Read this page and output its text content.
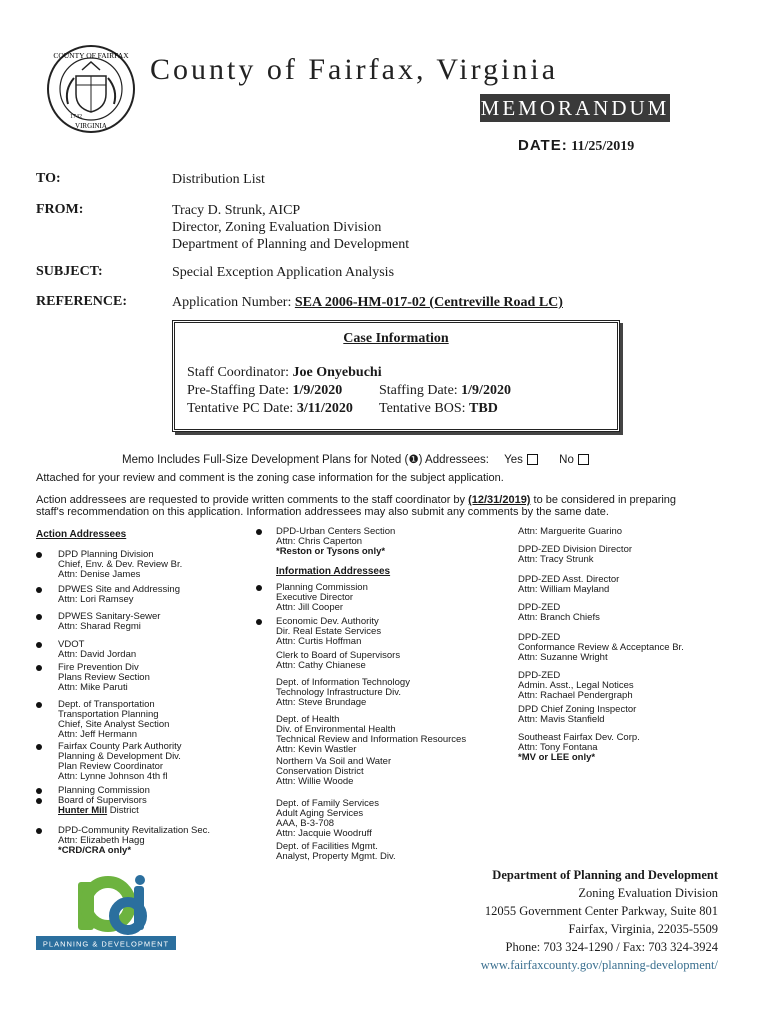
COUNTY OF FAIRFAX
VIRGINIA
1742
County of Fairfax, Virginia
MEMORANDUM
DATE: 11/25/2019
TO:	Distribution List
FROM:	Tracy D. Strunk, AICP
Director, Zoning Evaluation Division
Department of Planning and Development
SUBJECT:	Special Exception Application Analysis
REFERENCE:	Application Number: SEA 2006-HM-017-02 (Centreville Road LC)
Case Information
Staff Coordinator: Joe Onyebuchi
Pre-Staffing Date: 1/9/2020	Staffing Date: 1/9/2020
Tentative PC Date: 3/11/2020 Tentative BOS: TBD
Memo Includes Full-Size Development Plans for Noted (❶) Addressees: Yes	No
Attached for your review and comment is the zoning case information for the subject application.
Action addressees are requested to provide written comments to the staff coordinator by (12/31/2019) to be considered in preparing
staff's recommendation on this application. Information addressees may also submit any comments by the same date.
Action Addressees
DPD Planning Division
Chief, Env. & Dev. Review Br.
Attn: Denise James
DPWES Site and Addressing
Attn: Lori Ramsey
DPWES Sanitary-Sewer
Attn: Sharad Regmi
VDOT
Attn: David Jordan
Fire Prevention Div
Plans Review Section
Attn: Mike Paruti
Dept. of Transportation
Transportation Planning
Chief, Site Analyst Section
Attn: Jeff Hermann
Fairfax County Park Authority
Planning & Development Div.
Plan Review Coordinator
Attn: Lynne Johnson 4th fl
Planning Commission
Board of Supervisors
Hunter Mill District
DPD-Community Revitalization Sec.
Attn: Elizabeth Hagg
*CRD/CRA only*
DPD-Urban Centers Section
Attn: Chris Caperton
*Reston or Tysons only*
Information Addressees
Planning Commission
Executive Director
Attn: Jill Cooper
Economic Dev. Authority
Dir. Real Estate Services
Attn: Curtis Hoffman
Clerk to Board of Supervisors
Attn: Cathy Chianese
Dept. of Information Technology
Technology Infrastructure Div.
Attn: Steve Brundage
Dept. of Health
Div. of Environmental Health
Technical Review and Information Resources
Attn: Kevin Wastler
Northern Va Soil and Water
Conservation District
Attn: Willie Woode
Dept. of Family Services
Adult Aging Services
AAA, B-3-708
Attn: Jacquie Woodruff
Dept. of Facilities Mgmt.
Analyst, Property Mgmt. Div.
Attn: Marguerite Guarino
DPD-ZED Division Director
Attn: Tracy Strunk
DPD-ZED Asst. Director
Attn: William Mayland
DPD-ZED
Attn: Branch Chiefs
DPD-ZED
Conformance Review & Acceptance Br.
Attn: Suzanne Wright
DPD-ZED
Admin. Asst., Legal Notices
Attn: Rachael Pendergraph
DPD Chief Zoning Inspector
Attn: Mavis Stanfield
Southeast Fairfax Dev. Corp.
Attn: Tony Fontana
*MV or LEE only*
PLANNING & DEVELOPMENT
Department of Planning and Development
Zoning Evaluation Division
12055 Government Center Parkway, Suite 801
Fairfax, Virginia, 22035-5509
Phone: 703 324-1290 / Fax: 703 324-3924
www.fairfaxcounty.gov/planning-development/
